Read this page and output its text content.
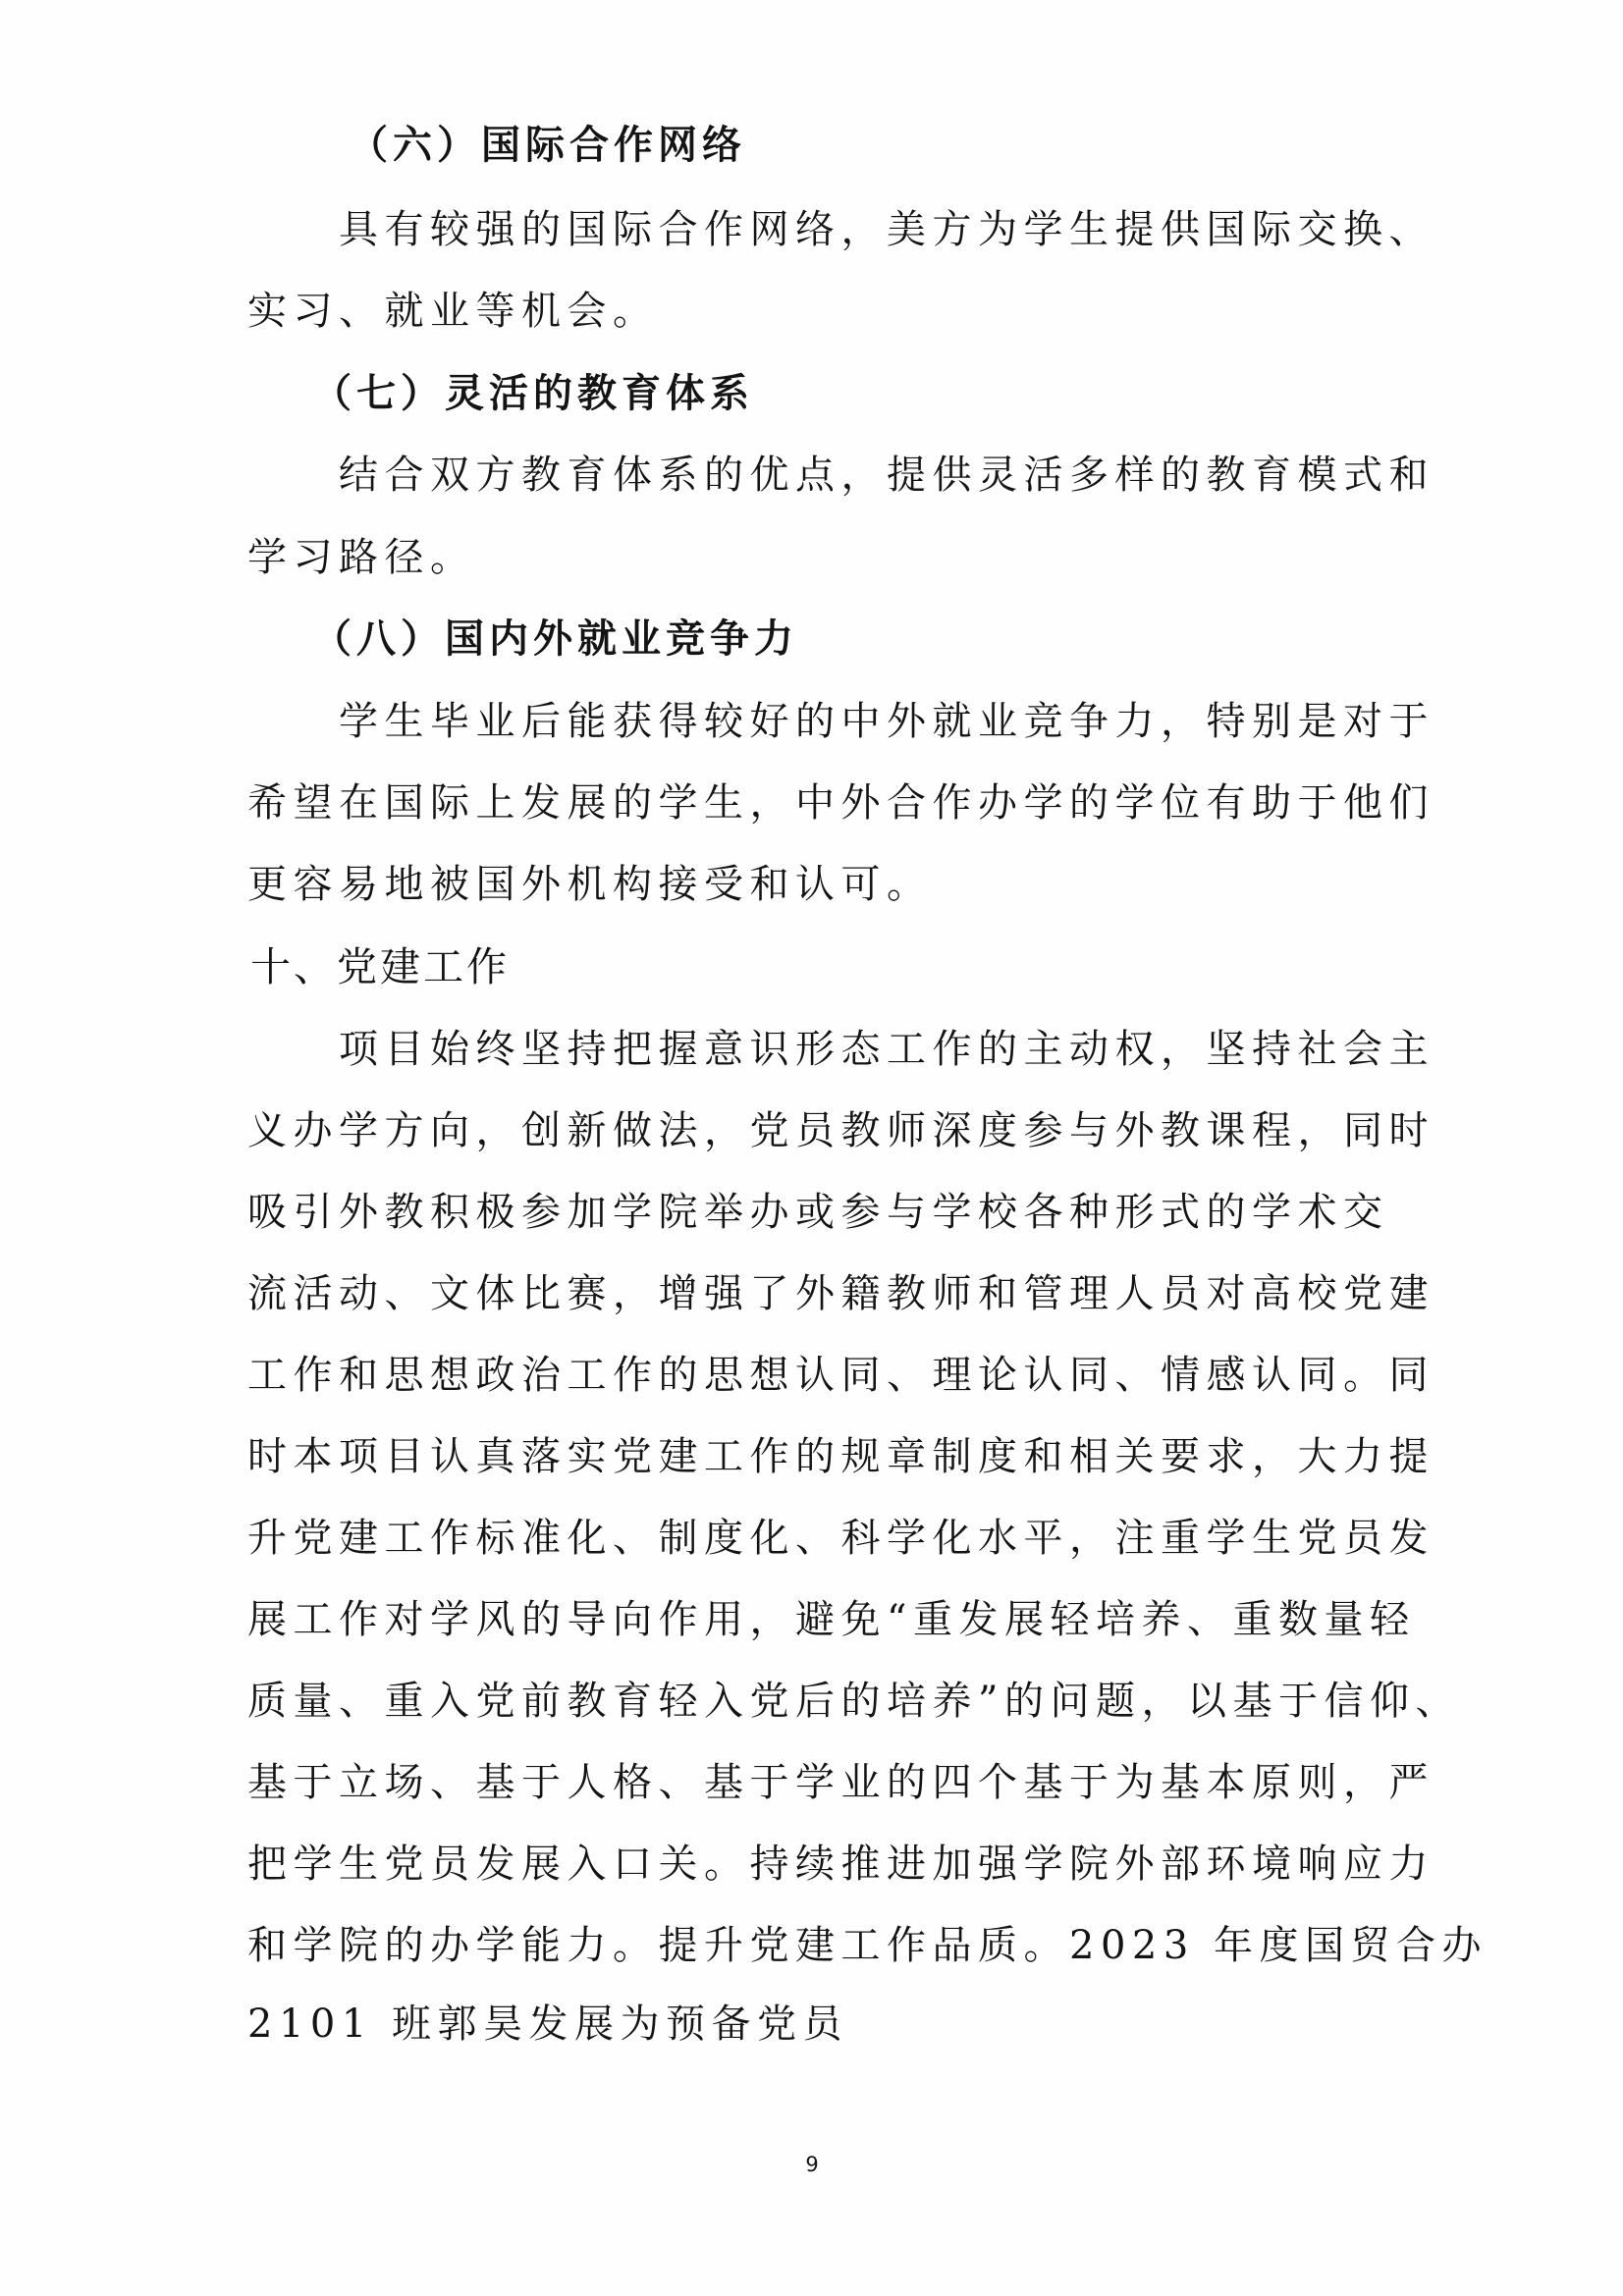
（六）国际合作网络
具有较强的国际合作网络，美方为学生提供国际交换、
实习、就业等机会。
（七）灵活的教育体系
结合双方教育体系的优点，提供灵活多样的教育模式和
学习路径。
（八）国内外就业竞争力
学生毕业后能获得较好的中外就业竞争力，特别是对于
希望在国际上发展的学生，中外合作办学的学位有助于他们
更容易地被国外机构接受和认可。
十、党建工作
项目始终坚持把握意识形态工作的主动权，坚持社会主
义办学方向，创新做法，党员教师深度参与外教课程，同时
吸引外教积极参加学院举办或参与学校各种形式的学术交
流活动、文体比赛，增强了外籍教师和管理人员对高校党建
工作和思想政治工作的思想认同、理论认同、情感认同。同
时本项目认真落实党建工作的规章制度和相关要求，大力提
升党建工作标准化、制度化、科学化水平，注重学生党员发
展工作对学风的导向作用，避免“重发展轻培养、重数量轻
质量、重入党前教育轻入党后的培养”的问题，以基于信仰、
基于立场、基于人格、基于学业的四个基于为基本原则，严
把学生党员发展入口关。持续推进加强学院外部环境响应力
和学院的办学能力。提升党建工作品质。2023 年度国贸合办
2101 班郭昊发展为预备党员
9
